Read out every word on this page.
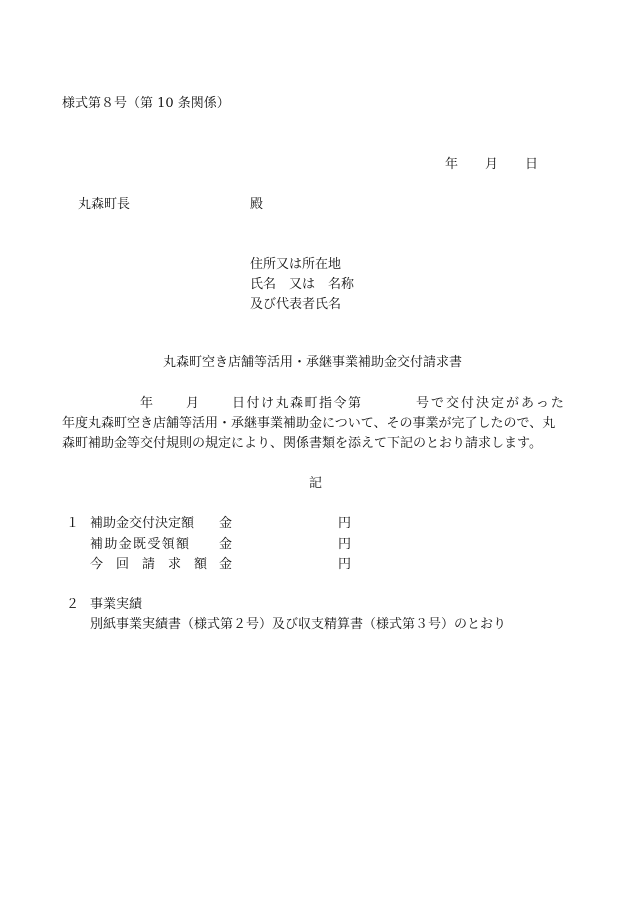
様式第８号（第 10 条関係）
年 月 日
丸森町長	殿
住所又は所在地
氏名　又は　名称
及び代表者氏名
丸森町空き店舗等活用・承継事業補助金交付請求書
年	月	日付け丸森町指令第	号で交付決定があった
年度丸森町空き店舗等活用・承継事業補助金について、その事業が完了したので、丸
森町補助金等交付規則の規定により、関係書類を添えて下記のとおり請求します。
記
１ 補助金交付決定額 金	円
補 助 金 既 受 領 額 金	円
今　回　請　求　額 金	円
２ 事業実績
別紙事業実績書（様式第２号）及び収支精算書（様式第３号）のとおり
